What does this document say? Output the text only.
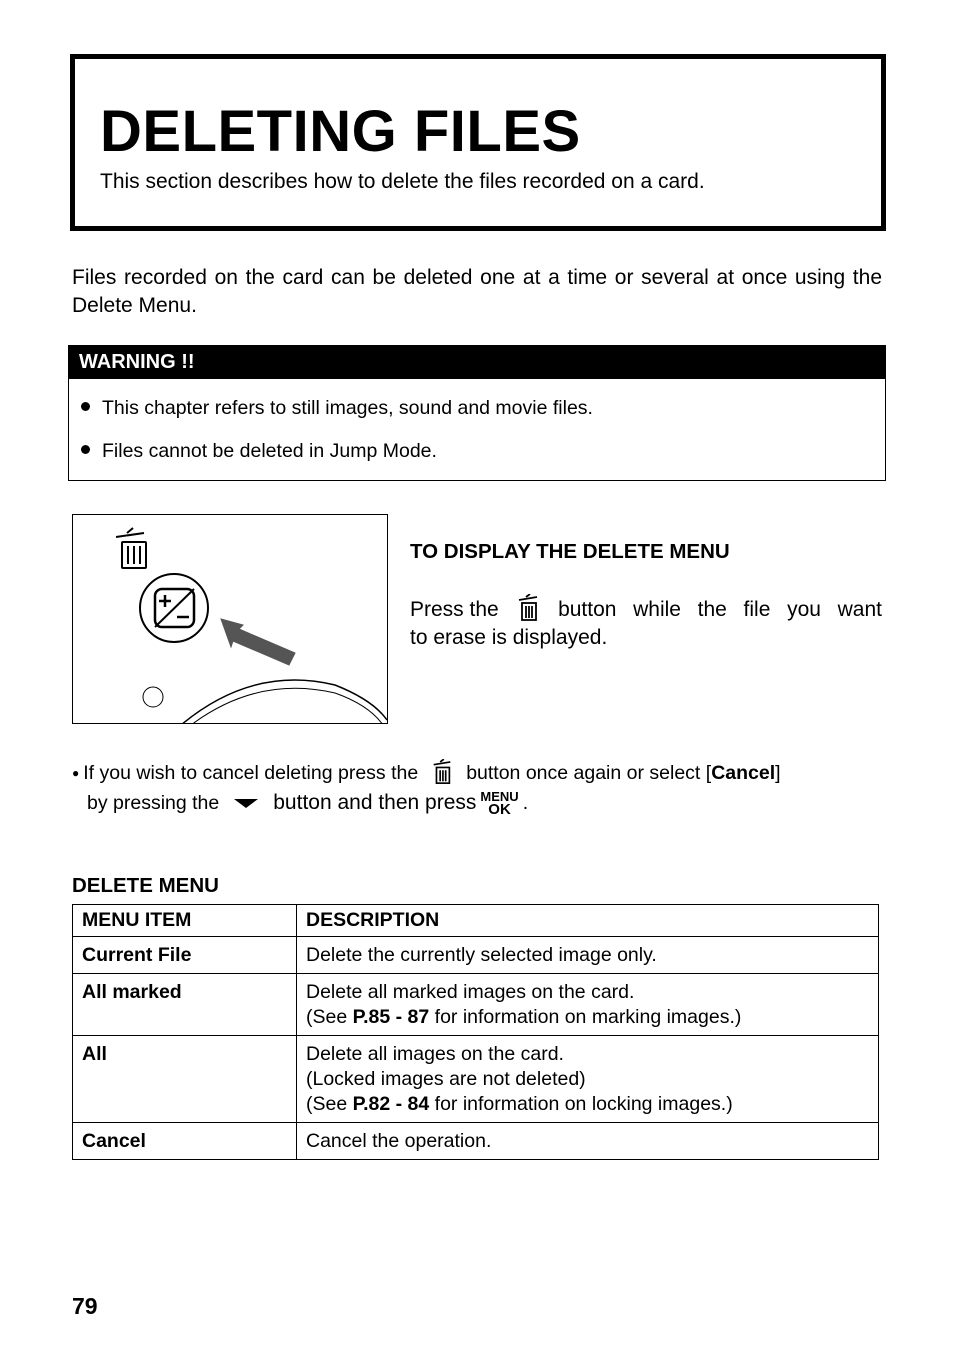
DELETING FILES
This section describes how to delete the files recorded on a card.
Files recorded on the card can be deleted one at a time or several at once using the Delete Menu.
WARNING !!
This chapter refers to still images, sound and movie files.
Files cannot be deleted in Jump Mode.
TO DISPLAY THE DELETE MENU
Press the	button while the file you want
to erase is displayed.
● If you wish to cancel deleting press the button once again or select [ Cancel ]
by pressing the	button and then press MENU
OK .
DELETE MENU
MENU ITEM	DESCRIPTION
Current File	Delete the currently selected image only.
All marked	Delete all marked images on the card.
(See P.85 - 87 for information on marking images.)

All	Delete all images on the card.
(Locked images are not deleted)
(See P.82 - 84 for information on locking images.)

Cancel	Cancel the operation.
79
